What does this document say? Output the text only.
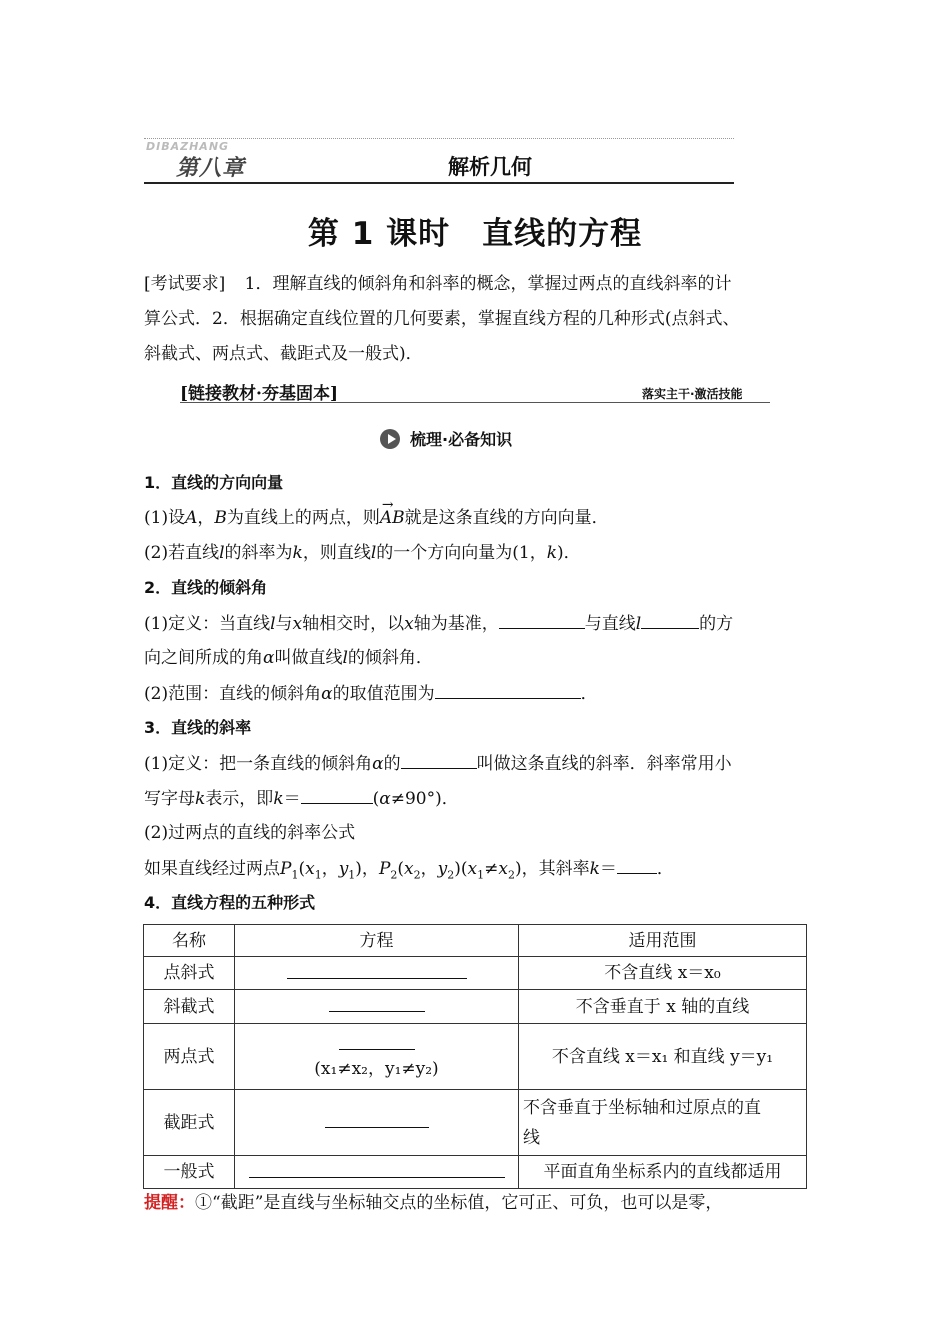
DIBAZHANG
第八章	解析几何
第 1 课时　直线的方程
[考试要求] 1．理解直线的倾斜角和斜率的概念，掌握过两点的直线斜率的计
算公式．2．根据确定直线位置的几何要素，掌握直线方程的几种形式(点斜式、
斜截式、两点式、截距式及一般式)．
[链接教材·夯基固本]	落实主干·激活技能
梳理·必备知识
1．直线的方向向量
(1)设A，B为直线上的两点，则→ AB就是这条直线的方向向量．
(2)若直线l的斜率为k，则直线l的一个方向向量为(1，k)．
2．直线的倾斜角
(1)定义：当直线l与x轴相交时，以x轴为基准，	与直线l	的方
向之间所成的角α叫做直线l的倾斜角．
(2)范围：直线的倾斜角α的取值范围为	．
3．直线的斜率
(1)定义：把一条直线的倾斜角α的	叫做这条直线的斜率．斜率常用小
写字母k表示，即k＝	(α≠90°)．
(2)过两点的直线的斜率公式
如果直线经过两点$P_1(x_1$，$y_1$)，$P_2(x_2$，$y_2)(x_1\ne x_2)$，其斜率k＝ ．
4．直线方程的五种形式
名称	方程	适用范围
点斜式		不含直线 x＝x₀
斜截式		不含垂直于 x 轴的直线
两点式	(x₁≠x₂，y₁≠y₂)	不含直线 x＝x₁ 和直线 y＝y₁
截距式		不含垂直于坐标轴和过原点的直
线

一般式		平面直角坐标系内的直线都适用
提醒：①“截距”是直线与坐标轴交点的坐标值，它可正、可负，也可以是零，
